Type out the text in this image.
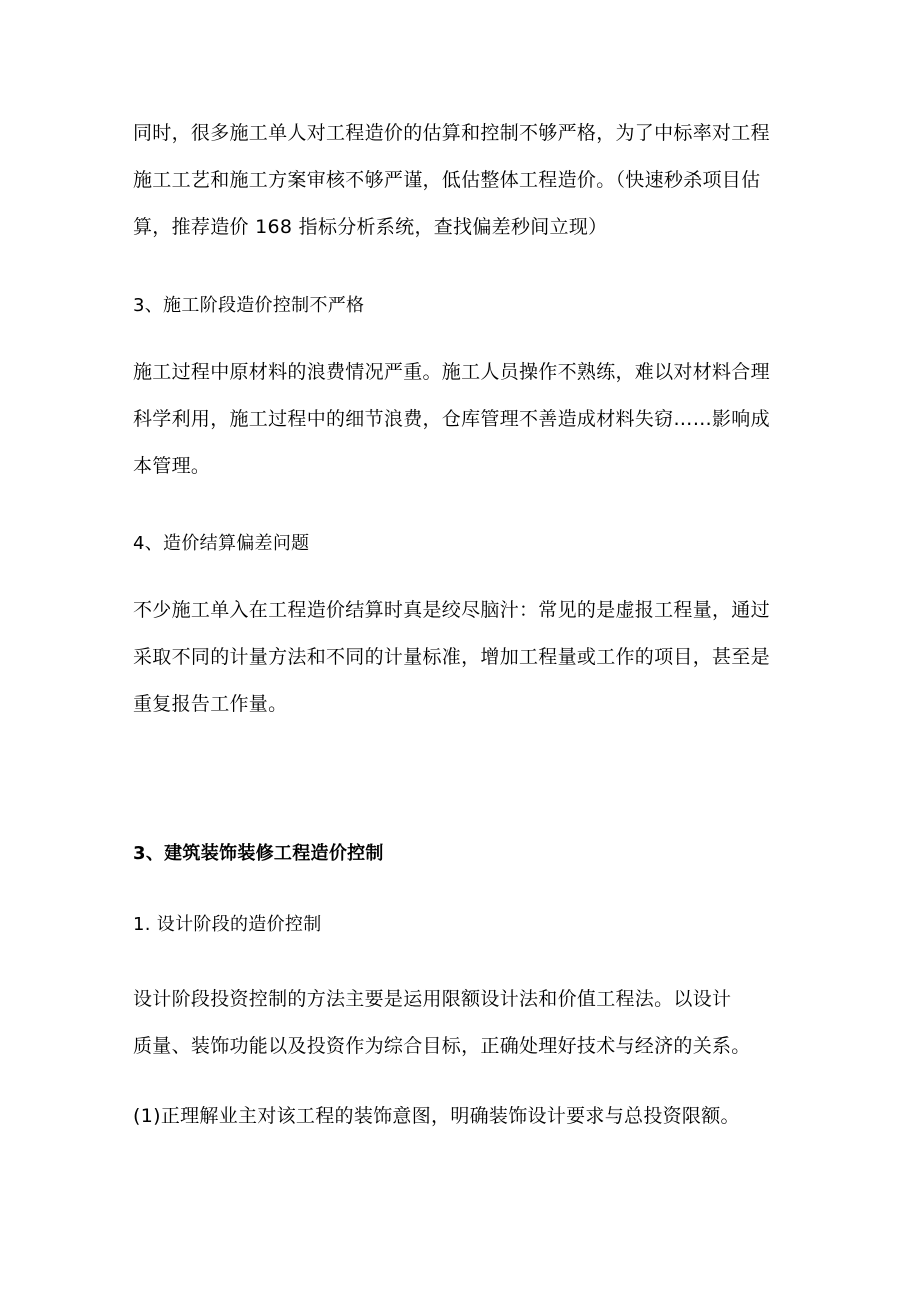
同时，很多施工单人对工程造价的估算和控制不够严格，为了中标率对工程
施工工艺和施工方案审核不够严谨，低估整体工程造价。（快速秒杀项目估
算，推荐造价 168 指标分析系统，查找偏差秒间立现）
3、施工阶段造价控制不严格
施工过程中原材料的浪费情况严重。施工人员操作不熟练，难以对材料合理
科学利用，施工过程中的细节浪费，仓库管理不善造成材料失窃……影响成
本管理。
4、造价结算偏差问题
不少施工单入在工程造价结算时真是绞尽脑汁：常见的是虚报工程量，通过
采取不同的计量方法和不同的计量标准，增加工程量或工作的项目，甚至是
重复报告工作量。
3、建筑装饰装修工程造价控制
1. 设计阶段的造价控制
设计阶段投资控制的方法主要是运用限额设计法和价值工程法。以设计
质量、装饰功能以及投资作为综合目标，正确处理好技术与经济的关系。
(1)正理解业主对该工程的装饰意图，明确装饰设计要求与总投资限额。
